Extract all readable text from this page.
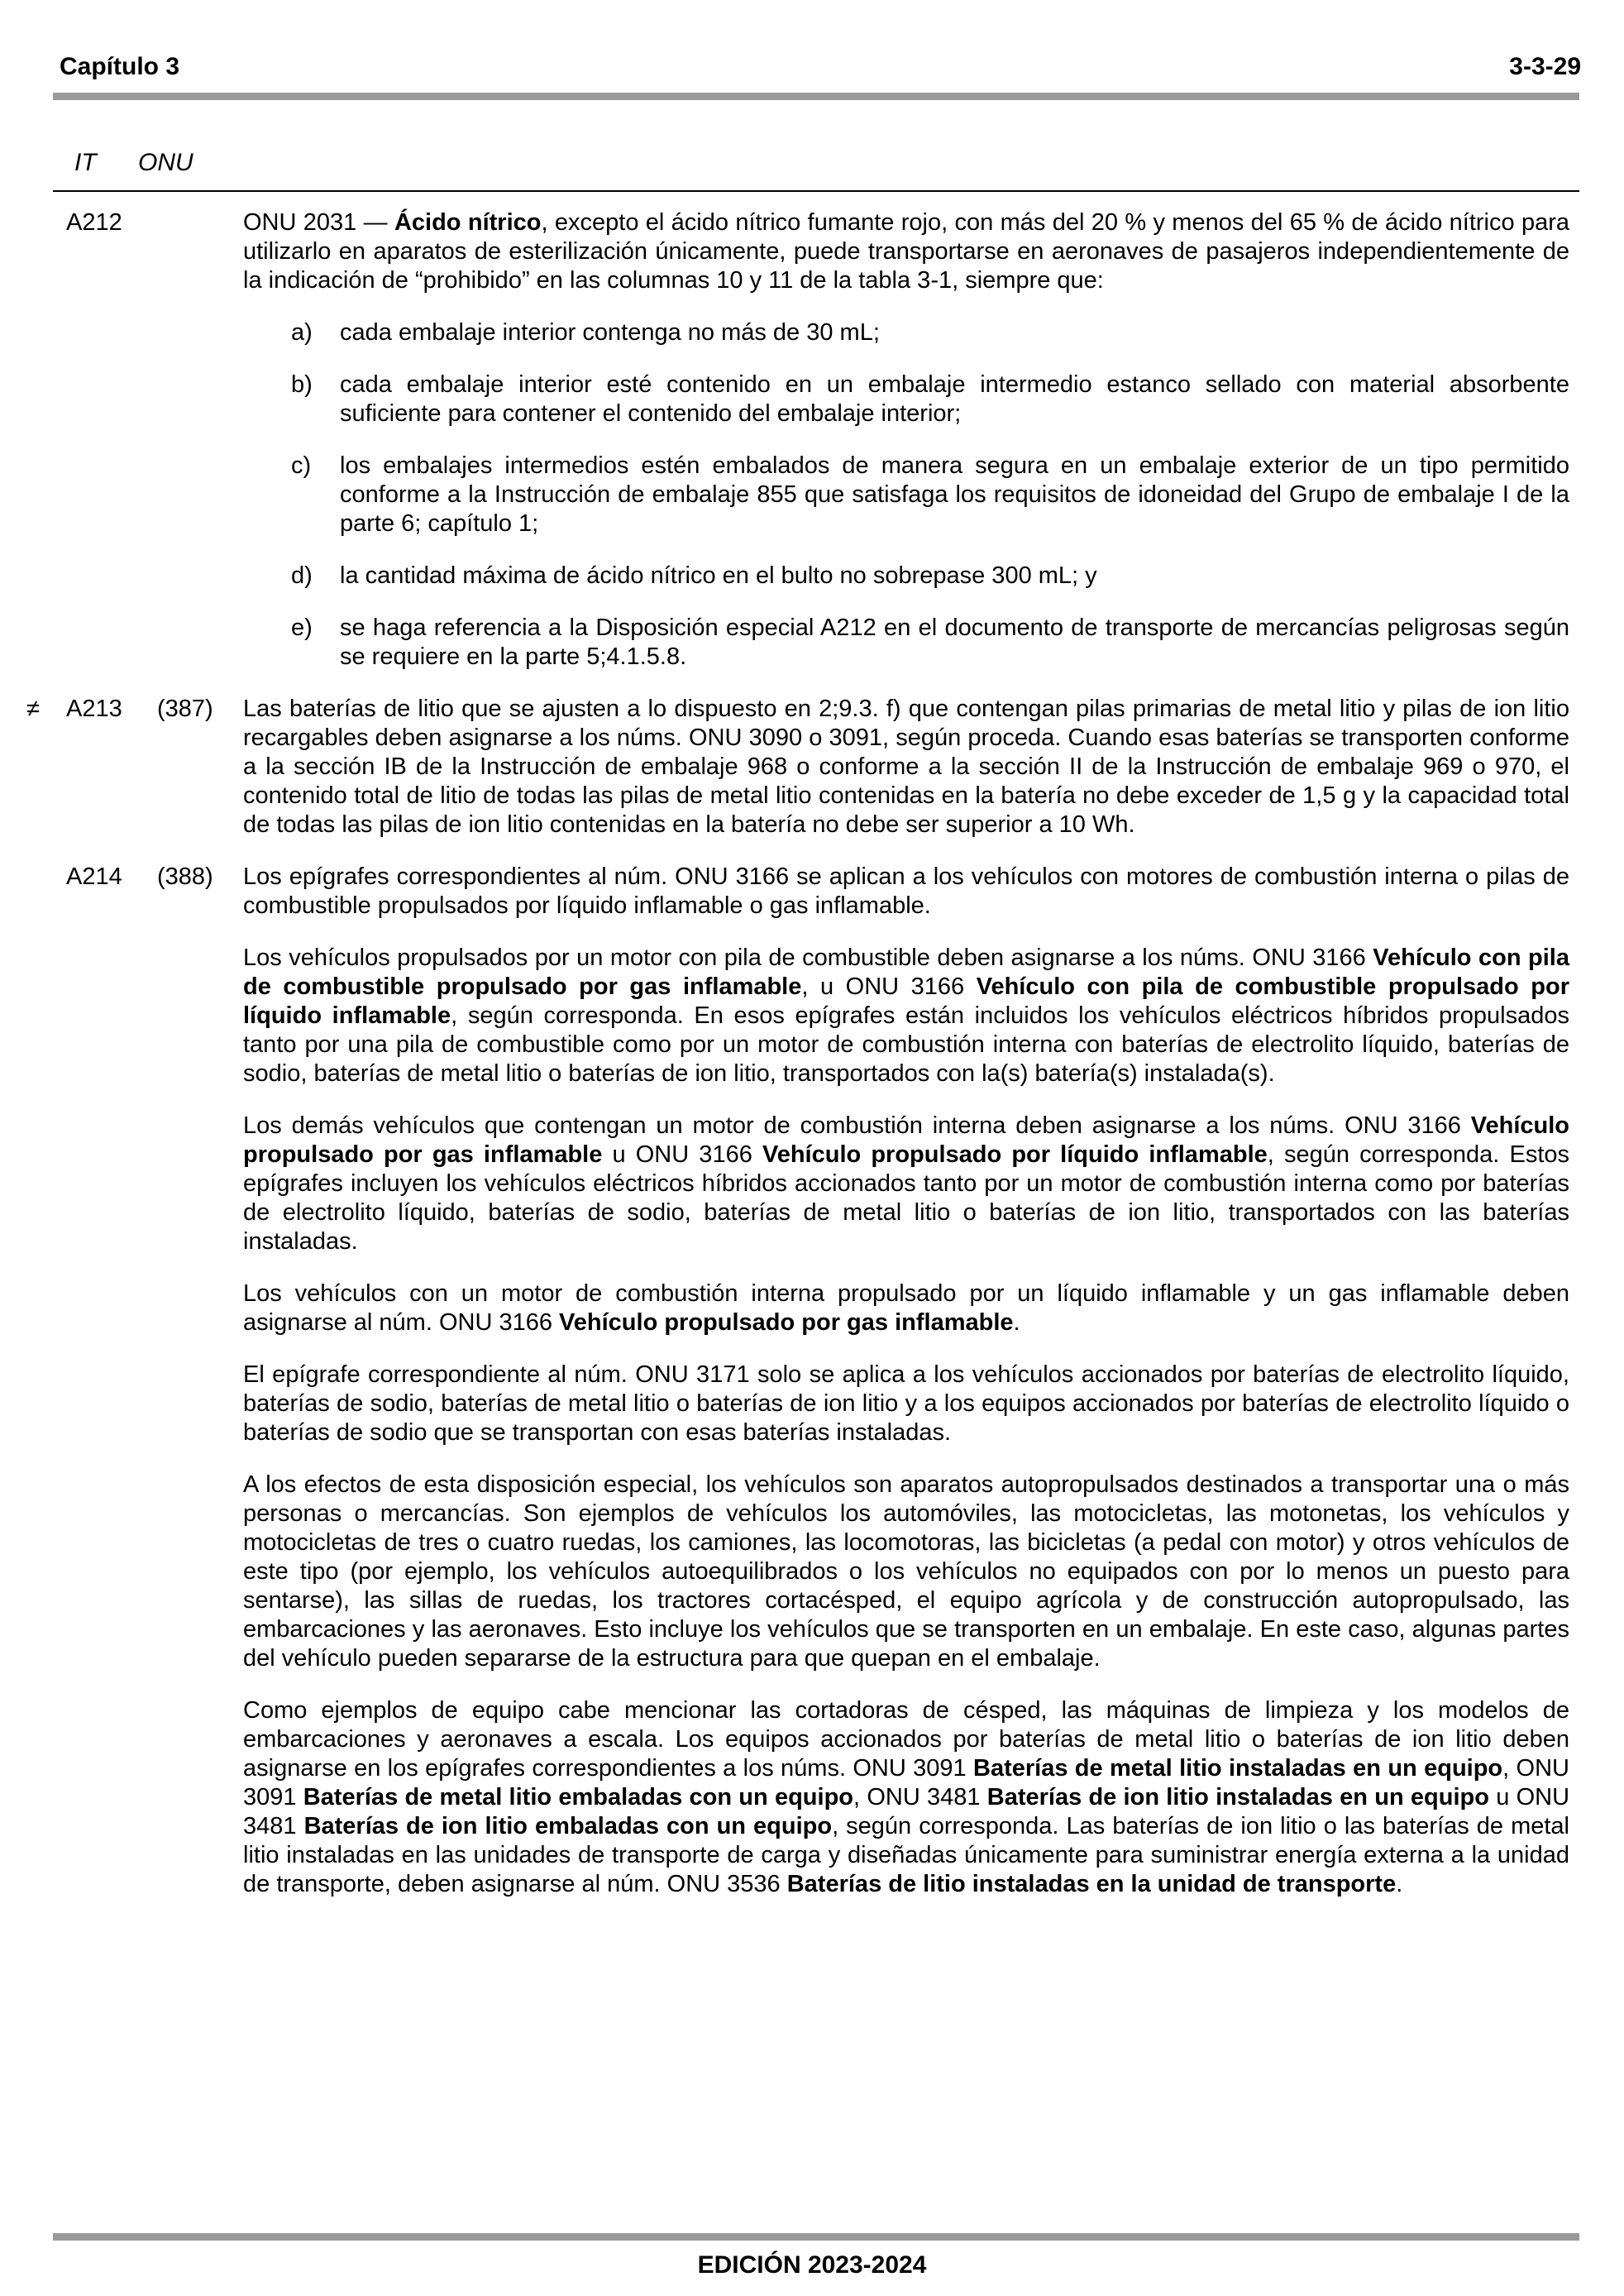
Capítulo 3	3-3-29
IT ONU
A212	ONU 2031 — Ácido nítrico, excepto el ácido nítrico fumante rojo, con más del 20 % y menos del 65 % de ácido nítrico para utilizarlo en aparatos de esterilización únicamente, puede transportarse en aeronaves de pasajeros independientemente de la indicación de “prohibido” en las columnas 10 y 11 de la tabla 3-1, siempre que:

a) cada embalaje interior contenga no más de 30 mL;
b) cada embalaje interior esté contenido en un embalaje intermedio estanco sellado con material absorbente suficiente para contener el contenido del embalaje interior;
c) los embalajes intermedios estén embalados de manera segura en un embalaje exterior de un tipo permitido conforme a la Instrucción de embalaje 855 que satisfaga los requisitos de idoneidad del Grupo de embalaje I de la parte 6; capítulo 1;
d) la cantidad máxima de ácido nítrico en el bulto no sobrepase 300 mL; y
e) se haga referencia a la Disposición especial A212 en el documento de transporte de mercancías peligrosas según se requiere en la parte 5;4.1.5.8.
≠ A213 (387) Las baterías de litio que se ajusten a lo dispuesto en 2;9.3. f) que contengan pilas primarias de metal litio y pilas de ion litio recargables deben asignarse a los núms. ONU 3090 o 3091, según proceda. Cuando esas baterías se transporten conforme a la sección IB de la Instrucción de embalaje 968 o conforme a la sección II de la Instrucción de embalaje 969 o 970, el contenido total de litio de todas las pilas de metal litio contenidas en la batería no debe exceder de 1,5 g y la capacidad total de todas las pilas de ion litio contenidas en la batería no debe ser superior a 10 Wh.

A214 (388) Los epígrafes correspondientes al núm. ONU 3166 se aplican a los vehículos con motores de combustión interna o pilas de combustible propulsados por líquido inflamable o gas inflamable.

Los vehículos propulsados por un motor con pila de combustible deben asignarse a los núms. ONU 3166 Vehículo con pila de combustible propulsado por gas inflamable, u ONU 3166 Vehículo con pila de combustible propulsado por líquido inflamable, según corresponda. En esos epígrafes están incluidos los vehículos eléctricos híbridos propulsados tanto por una pila de combustible como por un motor de combustión interna con baterías de electrolito líquido, baterías de sodio, baterías de metal litio o baterías de ion litio, transportados con la(s) batería(s) instalada(s).

Los demás vehículos que contengan un motor de combustión interna deben asignarse a los núms. ONU 3166 Vehículo propulsado por gas inflamable u ONU 3166 Vehículo propulsado por líquido inflamable, según corresponda. Estos epígrafes incluyen los vehículos eléctricos híbridos accionados tanto por un motor de combustión interna como por baterías de electrolito líquido, baterías de sodio, baterías de metal litio o baterías de ion litio, transportados con las baterías instaladas.

Los vehículos con un motor de combustión interna propulsado por un líquido inflamable y un gas inflamable deben asignarse al núm. ONU 3166 Vehículo propulsado por gas inflamable.

El epígrafe correspondiente al núm. ONU 3171 solo se aplica a los vehículos accionados por baterías de electrolito líquido, baterías de sodio, baterías de metal litio o baterías de ion litio y a los equipos accionados por baterías de electrolito líquido o baterías de sodio que se transportan con esas baterías instaladas.

A los efectos de esta disposición especial, los vehículos son aparatos autopropulsados destinados a transportar una o más personas o mercancías. Son ejemplos de vehículos los automóviles, las motocicletas, las motonetas, los vehículos y motocicletas de tres o cuatro ruedas, los camiones, las locomotoras, las bicicletas (a pedal con motor) y otros vehículos de este tipo (por ejemplo, los vehículos autoequilibrados o los vehículos no equipados con por lo menos un puesto para sentarse), las sillas de ruedas, los tractores cortacésped, el equipo agrícola y de construcción autopropulsado, las embarcaciones y las aeronaves. Esto incluye los vehículos que se transporten en un embalaje. En este caso, algunas partes del vehículo pueden separarse de la estructura para que quepan en el embalaje.

Como ejemplos de equipo cabe mencionar las cortadoras de césped, las máquinas de limpieza y los modelos de embarcaciones y aeronaves a escala. Los equipos accionados por baterías de metal litio o baterías de ion litio deben asignarse en los epígrafes correspondientes a los núms. ONU 3091 Baterías de metal litio instaladas en un equipo, ONU 3091 Baterías de metal litio embaladas con un equipo, ONU 3481 Baterías de ion litio instaladas en un equipo u ONU 3481 Baterías de ion litio embaladas con un equipo, según corresponda. Las baterías de ion litio o las baterías de metal litio instaladas en las unidades de transporte de carga y diseñadas únicamente para suministrar energía externa a la unidad de transporte, deben asignarse al núm. ONU 3536 Baterías de litio instaladas en la unidad de transporte.

EDICIÓN 2023-2024
